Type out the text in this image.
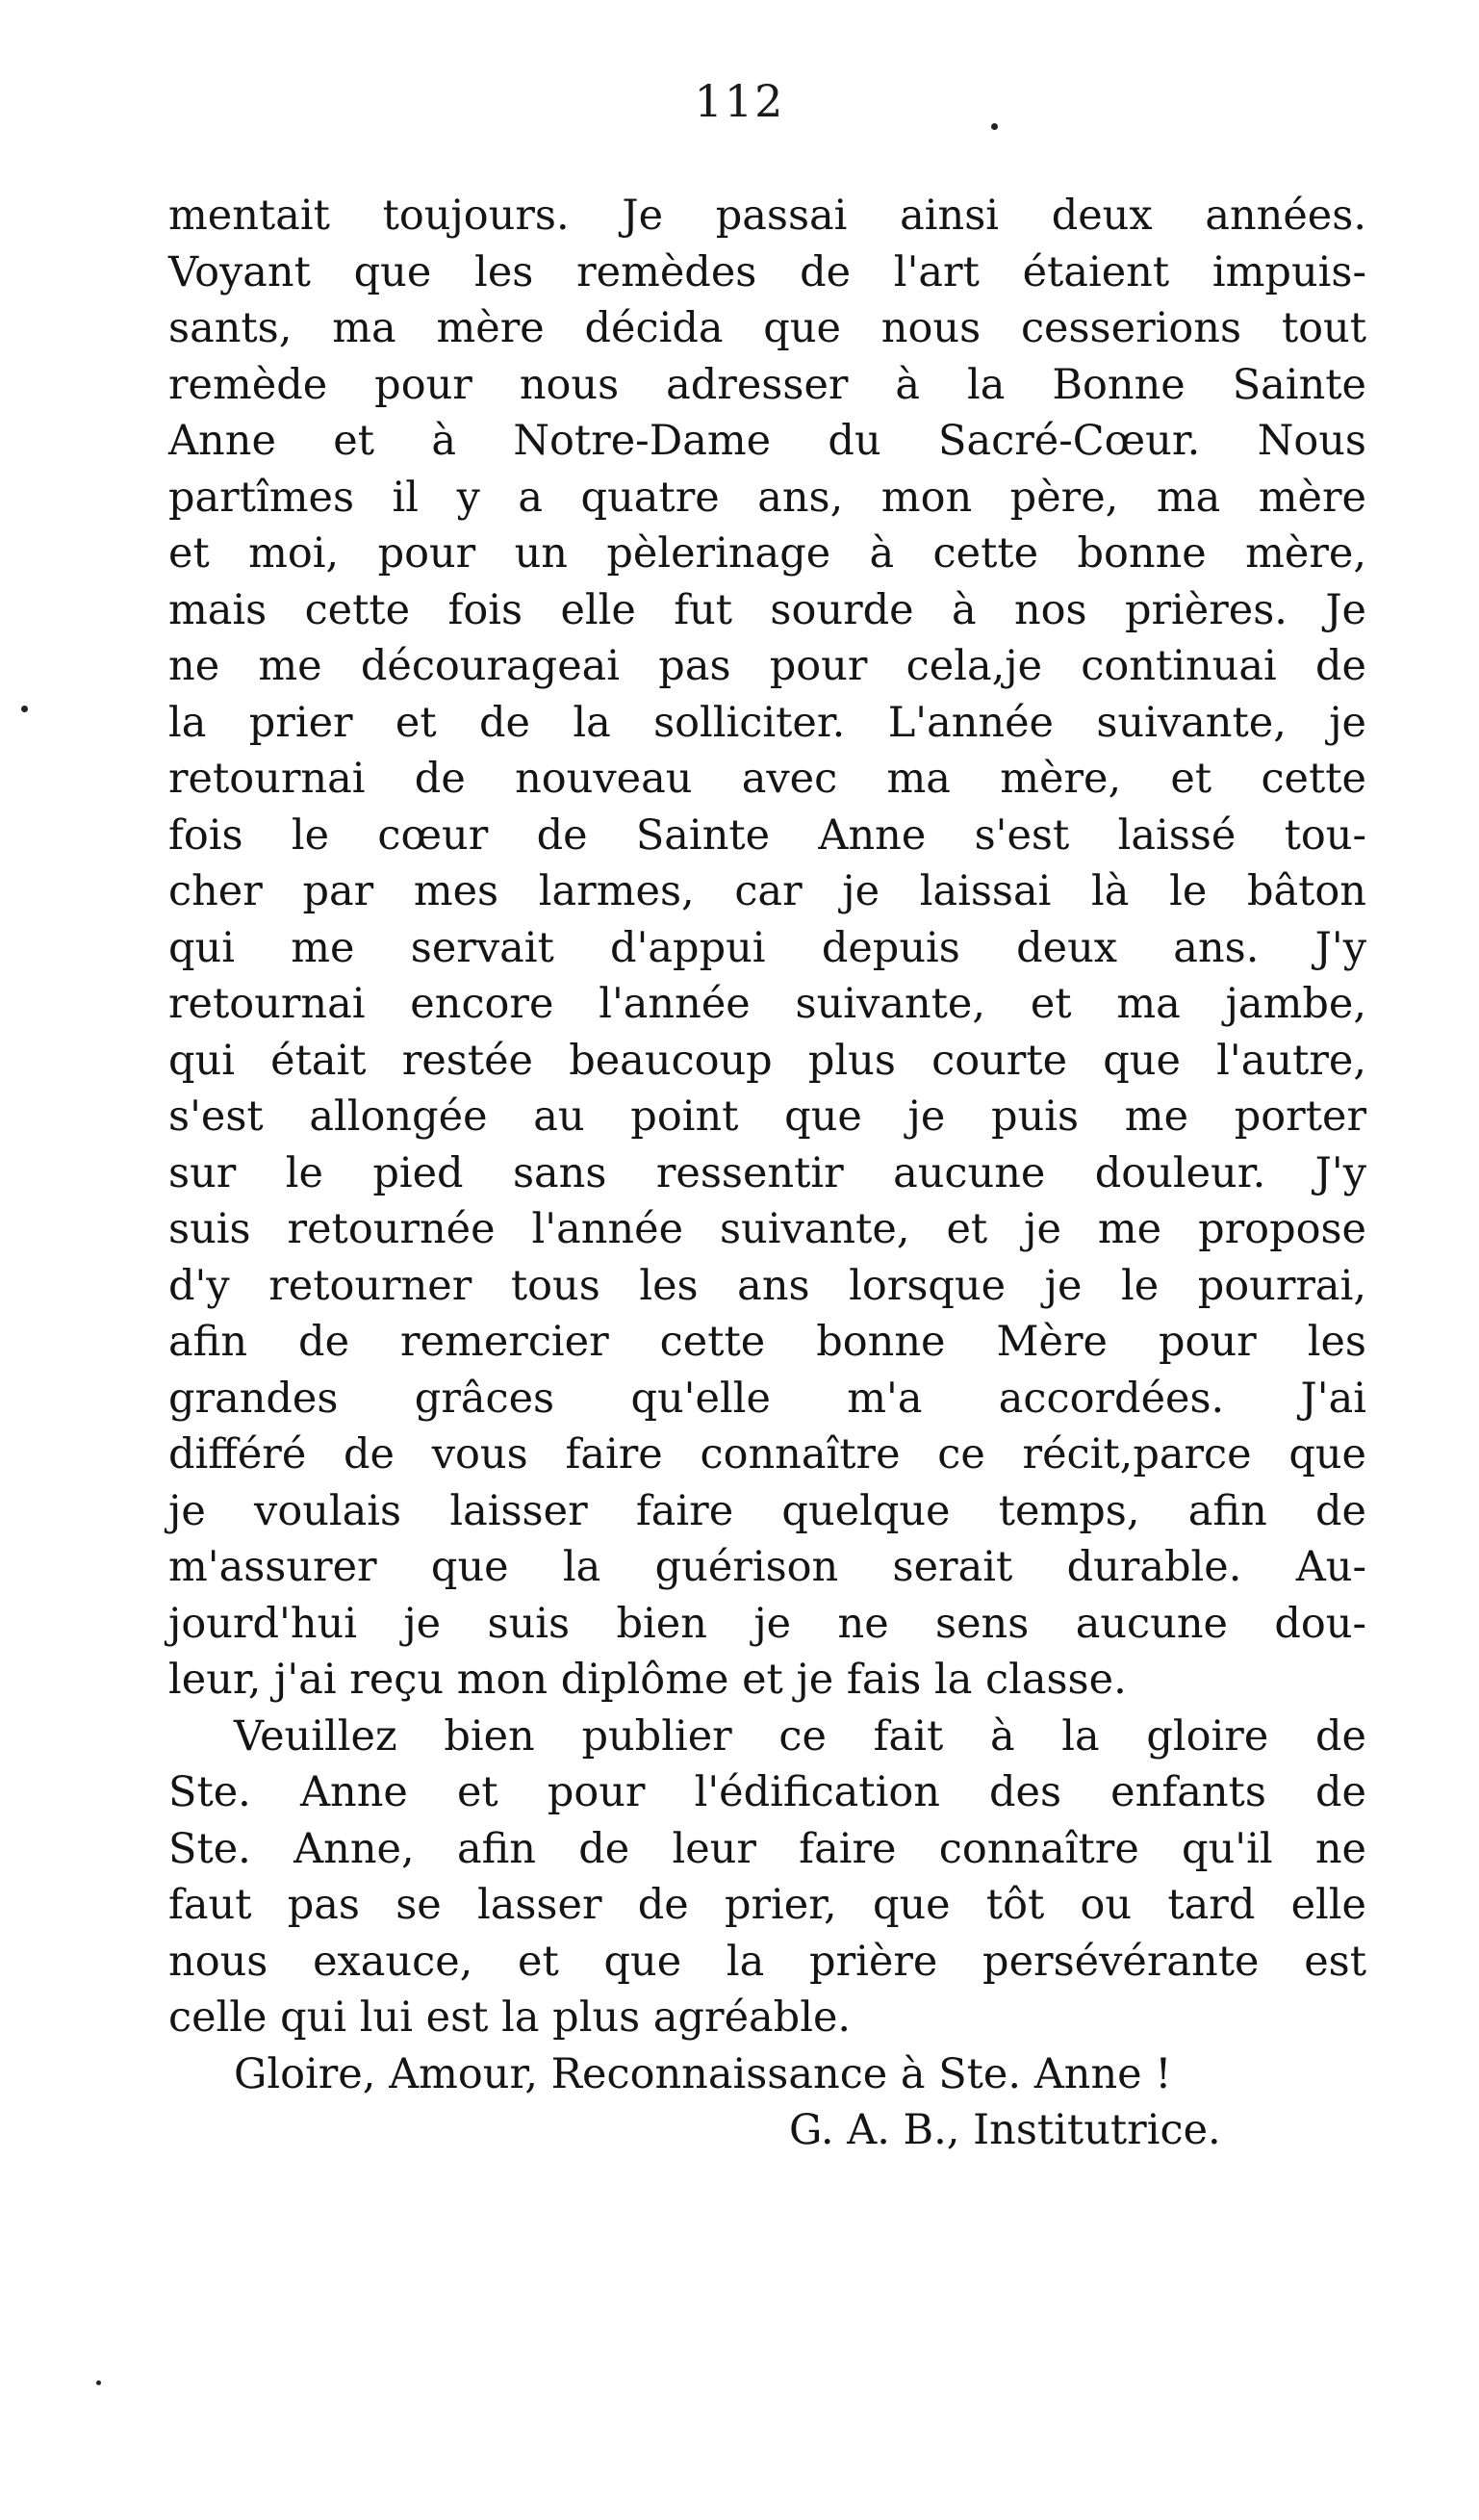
112
mentait toujours. Je passai ainsi deux années.
Voyant que les remèdes de l'art étaient impuis-
sants, ma mère décida que nous cesserions tout
remède pour nous adresser à la Bonne Sainte
Anne et à Notre-Dame du Sacré-Cœur. Nous
partîmes il y a quatre ans, mon père, ma mère
et moi, pour un pèlerinage à cette bonne mère,
mais cette fois elle fut sourde à nos prières. Je
ne me décourageai pas pour cela,je continuai de
la prier et de la solliciter. L'année suivante, je
retournai de nouveau avec ma mère, et cette
fois le cœur de Sainte Anne s'est laissé tou-
cher par mes larmes, car je laissai là le bâton
qui me servait d'appui depuis deux ans. J'y
retournai encore l'année suivante, et ma jambe,
qui était restée beaucoup plus courte que l'autre,
s'est allongée au point que je puis me porter
sur le pied sans ressentir aucune douleur. J'y
suis retournée l'année suivante, et je me propose
d'y retourner tous les ans lorsque je le pourrai,
afin de remercier cette bonne Mère pour les
grandes grâces qu'elle m'a accordées. J'ai
différé de vous faire connaître ce récit,parce que
je voulais laisser faire quelque temps, afin de
m'assurer que la guérison serait durable. Au-
jourd'hui je suis bien je ne sens aucune dou-
leur, j'ai reçu mon diplôme et je fais la classe.
Veuillez bien publier ce fait à la gloire de
Ste. Anne et pour l'édification des enfants de
Ste. Anne, afin de leur faire connaître qu'il ne
faut pas se lasser de prier, que tôt ou tard elle
nous exauce, et que la prière persévérante est
celle qui lui est la plus agréable.
Gloire, Amour, Reconnaissance à Ste. Anne !
G. A. B., Institutrice.
